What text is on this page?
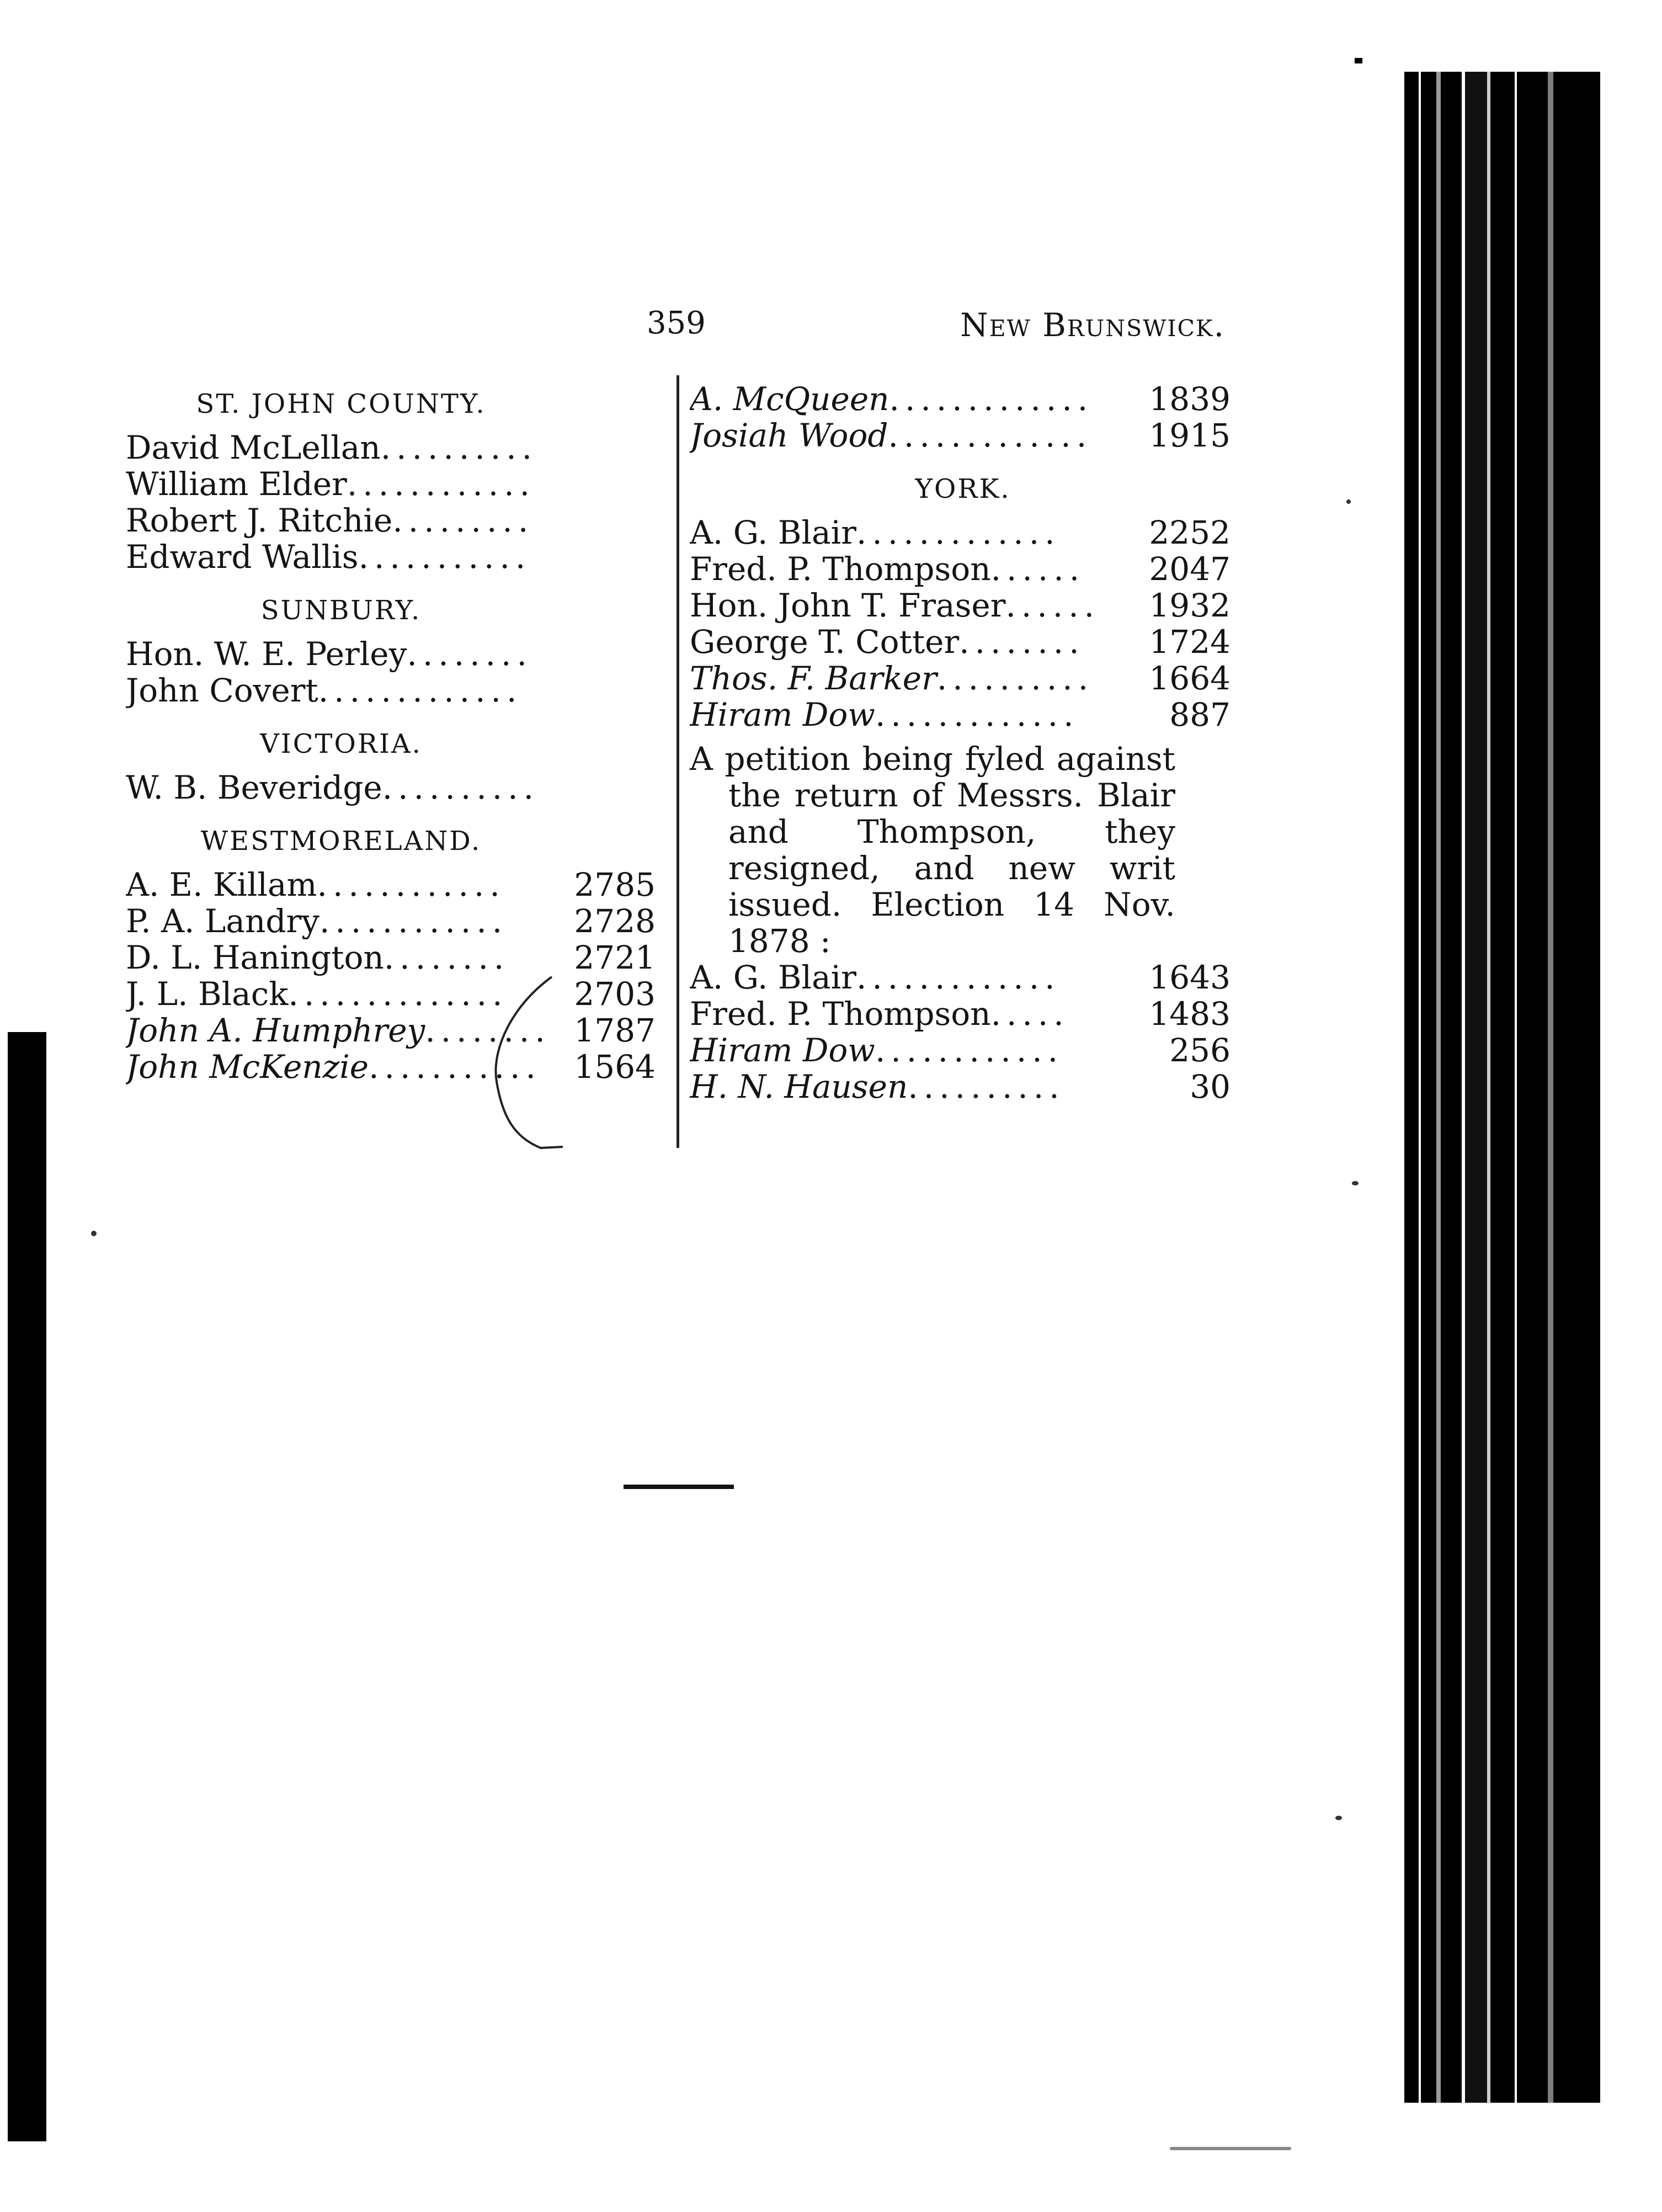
359	New Brunswick.
ST. JOHN COUNTY.
David McLellan ..........
William Elder ............
Robert J. Ritchie .........
Edward Wallis ...........
SUNBURY.
Hon. W. E. Perley ........
John Covert .............
VICTORIA.
W. B. Beveridge ..........
WESTMORELAND.
A. E. Killam ............	2785
P. A. Landry ............	2728
D. L. Hanington ........	2721
J. L. Black ..............	2703
John A. Humphrey ........ 1787
John McKenzie ...........	1564
A. McQueen .............	1839
Josiah Wood .............	1915
YORK.
A. G. Blair .............	2252
Fred. P. Thompson ......	2047
Hon. John T. Fraser ......	1932
George T. Cotter ........	1724
Thos. F. Barker ..........	1664
Hiram Dow .............	887

A petition being fyled against the return of Messrs. Blair and Thompson, they resigned, and new writ issued. Election 14 Nov. 1878 :

A. G. Blair .............	1643
Fred. P. Thompson .....	1483
Hiram Dow ............	256
H. N. Hausen ..........	30
